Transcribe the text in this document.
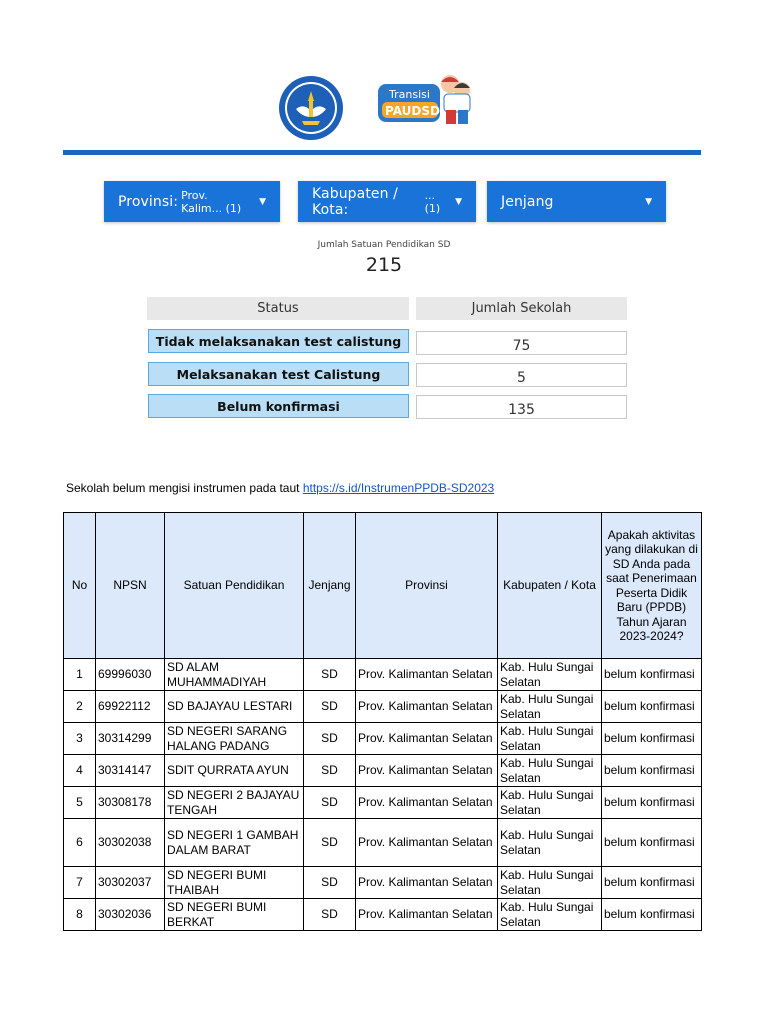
Transisi
PAUDSD
Provinsi: Prov. Kalim... (1)	▼	Kabupaten / Kota:
...(1)	▼	Jenjang	▼
Jumlah Satuan Pendidikan SD
215
Status	Jumlah Sekolah
Tidak melaksanakan test calistung	75
Melaksanakan test Calistung	5
Belum konfirmasi	135
Sekolah belum mengisi instrumen pada taut https://s.id/InstrumenPPDB-SD2023
No	NPSN	Satuan Pendidikan	Jenjang	Provinsi	Kabupaten / Kota	Apakah aktivitas yang dilakukan di SD Anda pada saat Penerimaan Peserta Didik Baru (PPDB) Tahun Ajaran 2023-2024?
1	69996030	SD ALAM MUHAMMADIYAH	SD	Prov. Kalimantan Selatan	Kab. Hulu Sungai Selatan	belum konfirmasi
2	69922112	SD BAJAYAU LESTARI	SD	Prov. Kalimantan Selatan	Kab. Hulu Sungai Selatan	belum konfirmasi
3	30314299	SD NEGERI SARANG HALANG PADANG	SD	Prov. Kalimantan Selatan	Kab. Hulu Sungai Selatan	belum konfirmasi
4	30314147	SDIT QURRATA AYUN	SD	Prov. Kalimantan Selatan	Kab. Hulu Sungai Selatan	belum konfirmasi
5	30308178	SD NEGERI 2 BAJAYAU TENGAH	SD	Prov. Kalimantan Selatan	Kab. Hulu Sungai Selatan	belum konfirmasi
6	30302038	SD NEGERI 1 GAMBAH DALAM BARAT	SD	Prov. Kalimantan Selatan	Kab. Hulu Sungai Selatan	belum konfirmasi
7	30302037	SD NEGERI BUMI THAIBAH	SD	Prov. Kalimantan Selatan	Kab. Hulu Sungai Selatan	belum konfirmasi
8	30302036	SD NEGERI BUMI BERKAT	SD	Prov. Kalimantan Selatan	Kab. Hulu Sungai Selatan	belum konfirmasi
